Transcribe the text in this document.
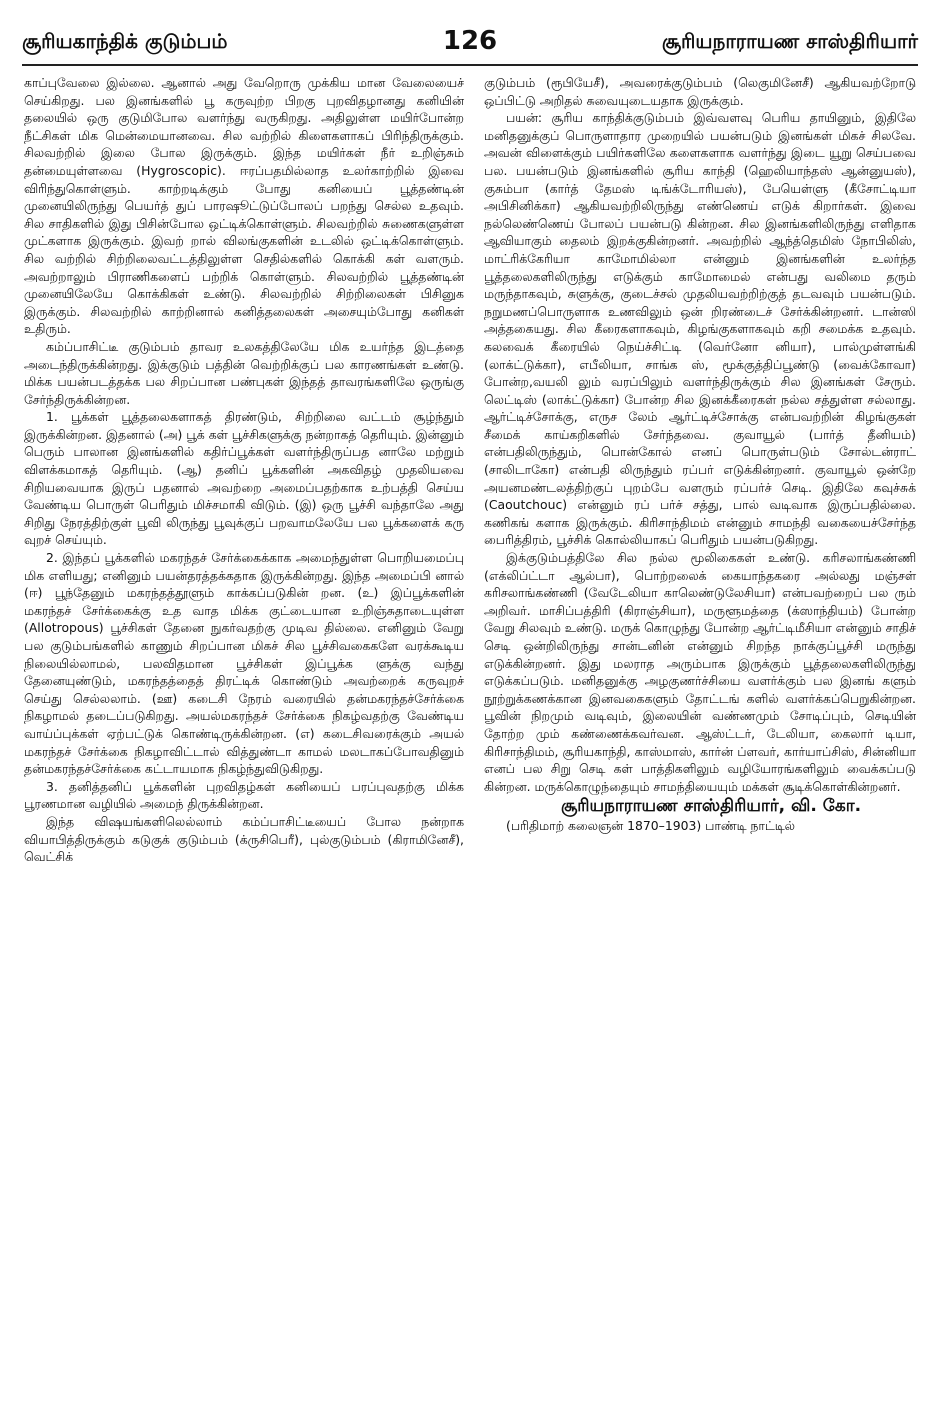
126
சூரியகாந்திக் குடும்பம்	சூரியநாராயண சாஸ்திரியார்

காப்புவேலை இல்லை. ஆனால் அது வேறொரு முக்கிய மான வேலையைச் செய்கிறது. பல இனங்களில் பூ கருவுற்ற பிறகு புறவிதழானது கனியின் தலையில் ஒரு குடுமிபோல வளர்ந்து வருகிறது. அதிலுள்ள மயிர்போன்ற நீட்சிகள் மிக மென்மையானவை. சில வற்றில் கிளைகளாகப் பிரிந்திருக்கும். சிலவற்றில் இலை போல இருக்கும். இந்த மயிர்கள் நீர் உறிஞ்சும் தன்மையுள்ளவை (Hygroscopic). ஈரப்பதமில்லாத உலர்காற்றில் இவை விரிந்துகொள்ளும். காற்றடிக்கும் போது கனியைப் பூத்தண்டின் முனையிலிருந்து பெயர்த் துப் பாரஷூட்டுப்போலப் பறந்து செல்ல உதவும். சில சாதிகளில் இது பிசின்போல ஒட்டிக்கொள்ளும். சிலவற்றில் சுணைகளுள்ள முட்களாக இருக்கும். இவற் றால் விலங்குகளின் உடலில் ஒட்டிக்கொள்ளும். சில வற்றில் சிற்றிலைவட்டத்திலுள்ள செதில்களில் கொக்கி கள் வளரும். அவற்றாலும் பிராணிகளைப் பற்றிக் கொள்ளும். சிலவற்றில் பூத்தண்டின் முனையிலேயே கொக்கிகள் உண்டு. சிலவற்றில் சிற்றிலைகள் பிசினுக இருக்கும். சிலவற்றில் காற்றினால் கனித்தலைகள் அசையும்போது கனிகள் உதிரும்.

கம்ப்பாசிட்டீ குடும்பம் தாவர உலகத்திலேயே மிக உயர்ந்த இடத்தை அடைந்திருக்கின்றது. இக்குடும் பத்தின் வெற்றிக்குப் பல காரணங்கள் உண்டு. மிக்க பயன்படத்தக்க பல சிறப்பான பண்புகள் இந்தத் தாவரங்களிலே ஒருங்கு சேர்ந்திருக்கின்றன.

1. பூக்கள் பூத்தலைகளாகத் திரண்டும், சிற்றிலை வட்டம் சூழ்ந்தும் இருக்கின்றன. இதனால் (அ) பூக் கள் பூச்சிகளுக்கு நன்றாகத் தெரியும். இன்னும் பெரும் பாலான இனங்களில் கதிர்ப்பூக்கள் வளர்ந்திருப்பத னாலே மற்றும் விளக்கமாகத் தெரியும். (ஆ) தனிப் பூக்களின் அகவிதழ் முதலியவை சிறியவையாக இருப் பதனால் அவற்றை அமைப்பதற்காக உற்பத்தி செய்ய வேண்டிய பொருள் பெரிதும் மிச்சமாகி விடும். (இ) ஒரு பூச்சி வந்தாலே அது சிறிது நேரத்திற்குள் பூவி லிருந்து பூவுக்குப் பறவாமலேயே பல பூக்களைக் கரு வுறச் செய்யும்.

2. இந்தப் பூக்களில் மகரந்தச் சேர்க்கைக்காக அமைந்துள்ள பொறியமைப்பு மிக எளியது; எனினும் பயன்தரத்தக்கதாக இருக்கின்றது. இந்த அமைப்பி னால் (ஈ) பூந்தேனும் மகரந்தத்தூளும் காக்கப்படுகின் றன. (உ) இப்பூக்களின் மகரந்தச் சேர்க்கைக்கு உத வாத மிக்க குட்டையான உறிஞ்சுதாடையுள்ள (Allotropous) பூச்சிகள் தேனை நுகர்வதற்கு முடிவ தில்லை. எனினும் வேறு பல குடும்பங்களில் காணும் சிறப்பான மிகச் சில பூச்சிவகைகளே வரக்கூடிய நிலையில்லாமல், பலவிதமான பூச்சிகள் இப்பூக்க ளுக்கு வந்து தேனையுண்டும், மகரந்தத்தைத் திரட்டிக் கொண்டும் அவற்றைக் கருவுறச் செய்து செல்லலாம். (ஊ) கடைசி நேரம் வரையில் தன்மகரந்தச்சேர்க்கை நிகழாமல் தடைப்படுகிறது. அயல்மகரந்தச் சேர்க்கை நிகழ்வதற்கு வேண்டிய வாய்ப்புக்கள் ஏற்பட்டுக் கொண்டிருக்கின்றன. (எ) கடைசிவரைக்கும் அயல் மகரந்தச் சேர்க்கை நிகழாவிட்டால் வித்துண்டா காமல் மலடாகப்போவதினும் தன்மகரந்தச்சேர்க்கை கட்டாயமாக நிகழ்ந்துவிடுகிறது.

3. தனித்தனிப் பூக்களின் புறவிதழ்கள் கனியைப் பரப்புவதற்கு மிக்க பூரணமான வழியில் அமைந் திருக்கின்றன.

இந்த விஷயங்களிலெல்லாம் கம்ப்பாசிட்டீயைப் போல நன்றாக வியாபித்திருக்கும் கடுகுக் குடும்பம் (க்ருசிபெரீ), புல்குடும்பம் (கிராமினேசீ), வெட்சிக்

குடும்பம் (ரூபியேசீ), அவரைக்குடும்பம் (லெகுமினேசீ) ஆகியவற்றோடு ஒப்பிட்டு அறிதல் சுவையுடையதாக இருக்கும்.

பயன்: சூரிய காந்திக்குடும்பம் இவ்வளவு பெரிய தாயினும், இதிலே மனிதனுக்குப் பொருளாதார முறையில் பயன்படும் இனங்கள் மிகச் சிலவே. அவன் விளைக்கும் பயிர்களிலே களைகளாக வளர்ந்து இடை யூறு செய்பவை பல. பயன்படும் இனங்களில் சூரிய காந்தி (ஹெலியாந்தஸ் ஆன்னுயஸ்), குசும்பா (கார்த் தேமஸ் டிங்க்டோரியஸ்), பேயெள்ளு (கீசோட்டியா அபிசினிக்கா) ஆகியவற்றிலிருந்து எண்ணெய் எடுக் கிறார்கள். இவை நல்லெண்ணெய் போலப் பயன்படு கின்றன. சில இனங்களிலிருந்து எளிதாக ஆவியாகும் தைலம் இறக்குகின்றனர். அவற்றில் ஆந்த்தெமிஸ் நோபிலிஸ், மாட்ரிக்கேரியா காமோமில்லா என்னும் இனங்களின் உலர்ந்த பூத்தலைகளிலிருந்து எடுக்கும் காமோமைல் என்பது வலிமை தரும் மருந்தாகவும், சுளுக்கு, குடைச்சல் முதலியவற்றிற்குத் தடவவும் பயன்படும். நறுமணப்பொருளாக உணவிலும் ஒன் றிரண்டைச் சேர்க்கின்றனர். டான்ஸி அத்தகையது. சில கீரைகளாகவும், கிழங்குகளாகவும் கறி சமைக்க உதவும். கலவைக் கீரையில் நெய்ச்சிட்டி (வெர்னோ னியா), பால்முள்ளங்கி (லாக்ட்டுக்கா), எபீலியா, சாங்க ஸ், மூக்குத்திப்பூண்டு (வைக்கோவா) போன்ற,வயலி லும் வரப்பிலும் வளர்ந்திருக்கும் சில இனங்கள் சேரும். லெட்டிஸ் (லாக்ட்டுக்கா) போன்ற சில இனக்கீரைகள் நல்ல சத்துள்ள சல்லாது. ஆர்ட்டிச்சோக்கு, எருச லேம் ஆர்ட்டிச்சோக்கு என்பவற்றின் கிழங்குகள் சீமைக் காய்கறிகளில் சேர்ந்தவை. குவாயூல் (பார்த் தீனியம்) என்பதிலிருந்தும், பொன்கோல் எனப் பொருள்படும் சோல்டன்ராட் (சாலிடாகோ) என்பதி லிருந்தும் ரப்பர் எடுக்கின்றனர். குவாயூல் ஒன்றே அயனமண்டலத்திற்குப் புறம்பே வளரும் ரப்பர்ச் செடி. இதிலே கவுச்சுக் (Caoutchouc) என்னும் ரப் பர்ச் சத்து, பால் வடிவாக இருப்பதில்லை. கணிகங் களாக இருக்கும். கிரிசாந்திமம் என்னும் சாமந்தி வகையைச்சேர்ந்த பைரித்திரம், பூச்சிக் கொல்லியாகப் பெரிதும் பயன்படுகிறது.

இக்குடும்பத்திலே சில நல்ல மூலிகைகள் உண்டு. கரிசலாங்கண்ணி (எக்லிப்ட்டா ஆல்பா), பொற்றலைக் கையாந்தகரை அல்லது மஞ்சள் கரிசலாங்கண்ணி (வேடேலியா காலெண்டுலேசியா) என்பவற்றைப் பல ரும் அறிவர். மாசிப்பத்திரி (கிராஞ்சியா), மருளூமத்தை (க்ஸாந்தியம்) போன்ற வேறு சிலவும் உண்டு. மருக் கொழுந்து போன்ற ஆர்ட்டிமீசியா என்னும் சாதிச் செடி ஒன்றிலிருந்து சான்டனின் என்னும் சிறந்த நாக்குப்பூச்சி மருந்து எடுக்கின்றனர். இது மலராத அரும்பாக இருக்கும் பூத்தலைகளிலிருந்து எடுக்கப்படும். மனிதனுக்கு அழகுணர்ச்சியை வளர்க்கும் பல இனங் களும் நூற்றுக்கணக்கான இனவகைகளும் தோட்டங் களில் வளர்க்கப்பெறுகின்றன. பூவின் நிறமும் வடிவும், இலையின் வண்ணமும் சோடிப்பும், செடியின் தோற்ற மும் கண்ணைக்கவர்வன. ஆஸ்ட்டர், டேலியா, கைலார் டியா, கிரிசாந்திமம், சூரியகாந்தி, காஸ்மாஸ், கார்ன் ப்ளவர், கார்யாப்சிஸ், சின்னியா எனப் பல சிறு செடி கள் பாத்திகளிலும் வழியோரங்களிலும் வைக்கப்படு கின்றன. மருக்கொழுந்தையும் சாமந்தியையும் மக்கள் சூடிக்கொள்கின்றனர்.

சூரியநாராயண சாஸ்திரியார், வி. கோ.

(பரிதிமாற் கலைஞன் 1870–1903) பாண்டி நாட்டில்
